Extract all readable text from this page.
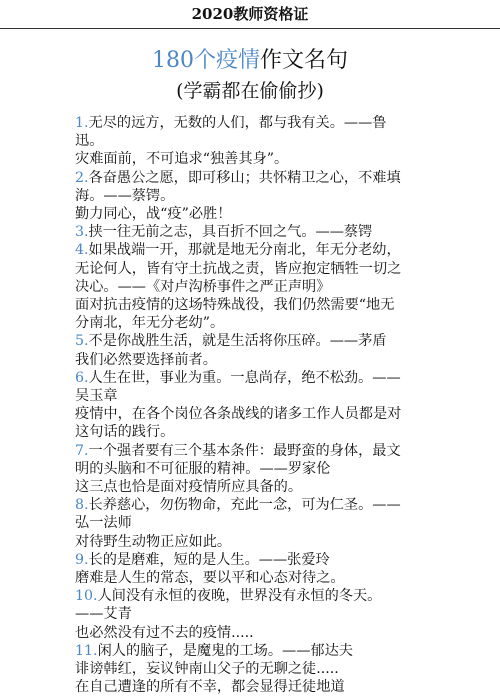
2020教师资格证
180个疫情作文名句
(学霸都在偷偷抄)
1.无尽的远方，无数的人们，都与我有关。——鲁
迅。
灾难面前，不可追求“独善其身”。
2.各奋愚公之愿，即可移山；共怀精卫之心，不难填
海。——蔡锷。
勤力同心，战“疫”必胜！
3.挟一往无前之志，具百折不回之气。——蔡锷
4.如果战端一开，那就是地无分南北，年无分老幼，
无论何人，皆有守土抗战之责，皆应抱定牺牲一切之
决心。——《对卢沟桥事件之严正声明》
面对抗击疫情的这场特殊战役，我们仍然需要“地无
分南北，年无分老幼”。
5.不是你战胜生活，就是生活将你压碎。——茅盾
我们必然要选择前者。
6.人生在世，事业为重。一息尚存，绝不松劲。——
吴玉章
疫情中，在各个岗位各条战线的诸多工作人员都是对
这句话的践行。
7.一个强者要有三个基本条件：最野蛮的身体，最文
明的头脑和不可征服的精神。——罗家伦
这三点也恰是面对疫情所应具备的。
8.长养慈心，勿伤物命，充此一念，可为仁圣。——
弘一法师
对待野生动物正应如此。
9.长的是磨难，短的是人生。——张爱玲
磨难是人生的常态，要以平和心态对待之。
10.人间没有永恒的夜晚，世界没有永恒的冬天。
——艾青
也必然没有过不去的疫情.....
11.闲人的脑子，是魔鬼的工场。——郁达夫
诽谤韩红，妄议钟南山父子的无聊之徒.....
在自己遭逢的所有不幸，都会显得迁徒地道
